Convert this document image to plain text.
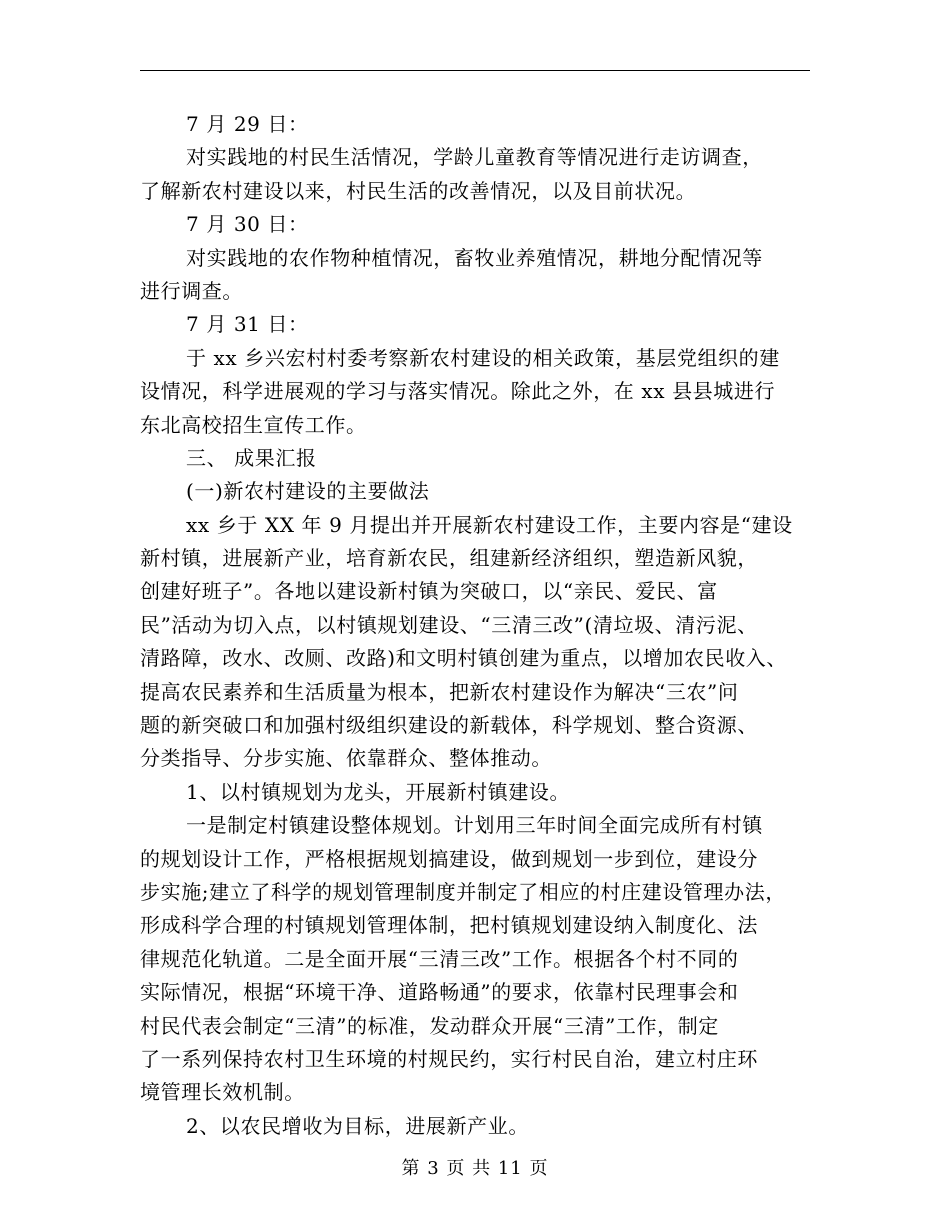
7 月 29 日：
对实践地的村民生活情况，学龄儿童教育等情况进行走访调查，
了解新农村建设以来，村民生活的改善情况，以及目前状况。
7 月 30 日：
对实践地的农作物种植情况，畜牧业养殖情况，耕地分配情况等
进行调查。
7 月 31 日：
于 xx 乡兴宏村村委考察新农村建设的相关政策，基层党组织的建
设情况，科学进展观的学习与落实情况。除此之外，在 xx 县县城进行
东北高校招生宣传工作。
三、 成果汇报
(一)新农村建设的主要做法
xx 乡于 XX 年 9 月提出并开展新农村建设工作，主要内容是“建设
新村镇，进展新产业，培育新农民，组建新经济组织，塑造新风貌，
创建好班子”。各地以建设新村镇为突破口，以“亲民、爱民、富
民”活动为切入点，以村镇规划建设、“三清三改”(清垃圾、清污泥、
清路障，改水、改厕、改路)和文明村镇创建为重点，以增加农民收入、
提高农民素养和生活质量为根本，把新农村建设作为解决“三农”问
题的新突破口和加强村级组织建设的新载体，科学规划、整合资源、
分类指导、分步实施、依靠群众、整体推动。
1、以村镇规划为龙头，开展新村镇建设。
一是制定村镇建设整体规划。计划用三年时间全面完成所有村镇
的规划设计工作，严格根据规划搞建设，做到规划一步到位，建设分
步实施;建立了科学的规划管理制度并制定了相应的村庄建设管理办法，
形成科学合理的村镇规划管理体制，把村镇规划建设纳入制度化、法
律规范化轨道。二是全面开展“三清三改”工作。根据各个村不同的
实际情况，根据“环境干净、道路畅通”的要求，依靠村民理事会和
村民代表会制定“三清”的标准，发动群众开展“三清”工作，制定
了一系列保持农村卫生环境的村规民约，实行村民自治，建立村庄环
境管理长效机制。
2、以农民增收为目标，进展新产业。
第 3 页 共 11 页
